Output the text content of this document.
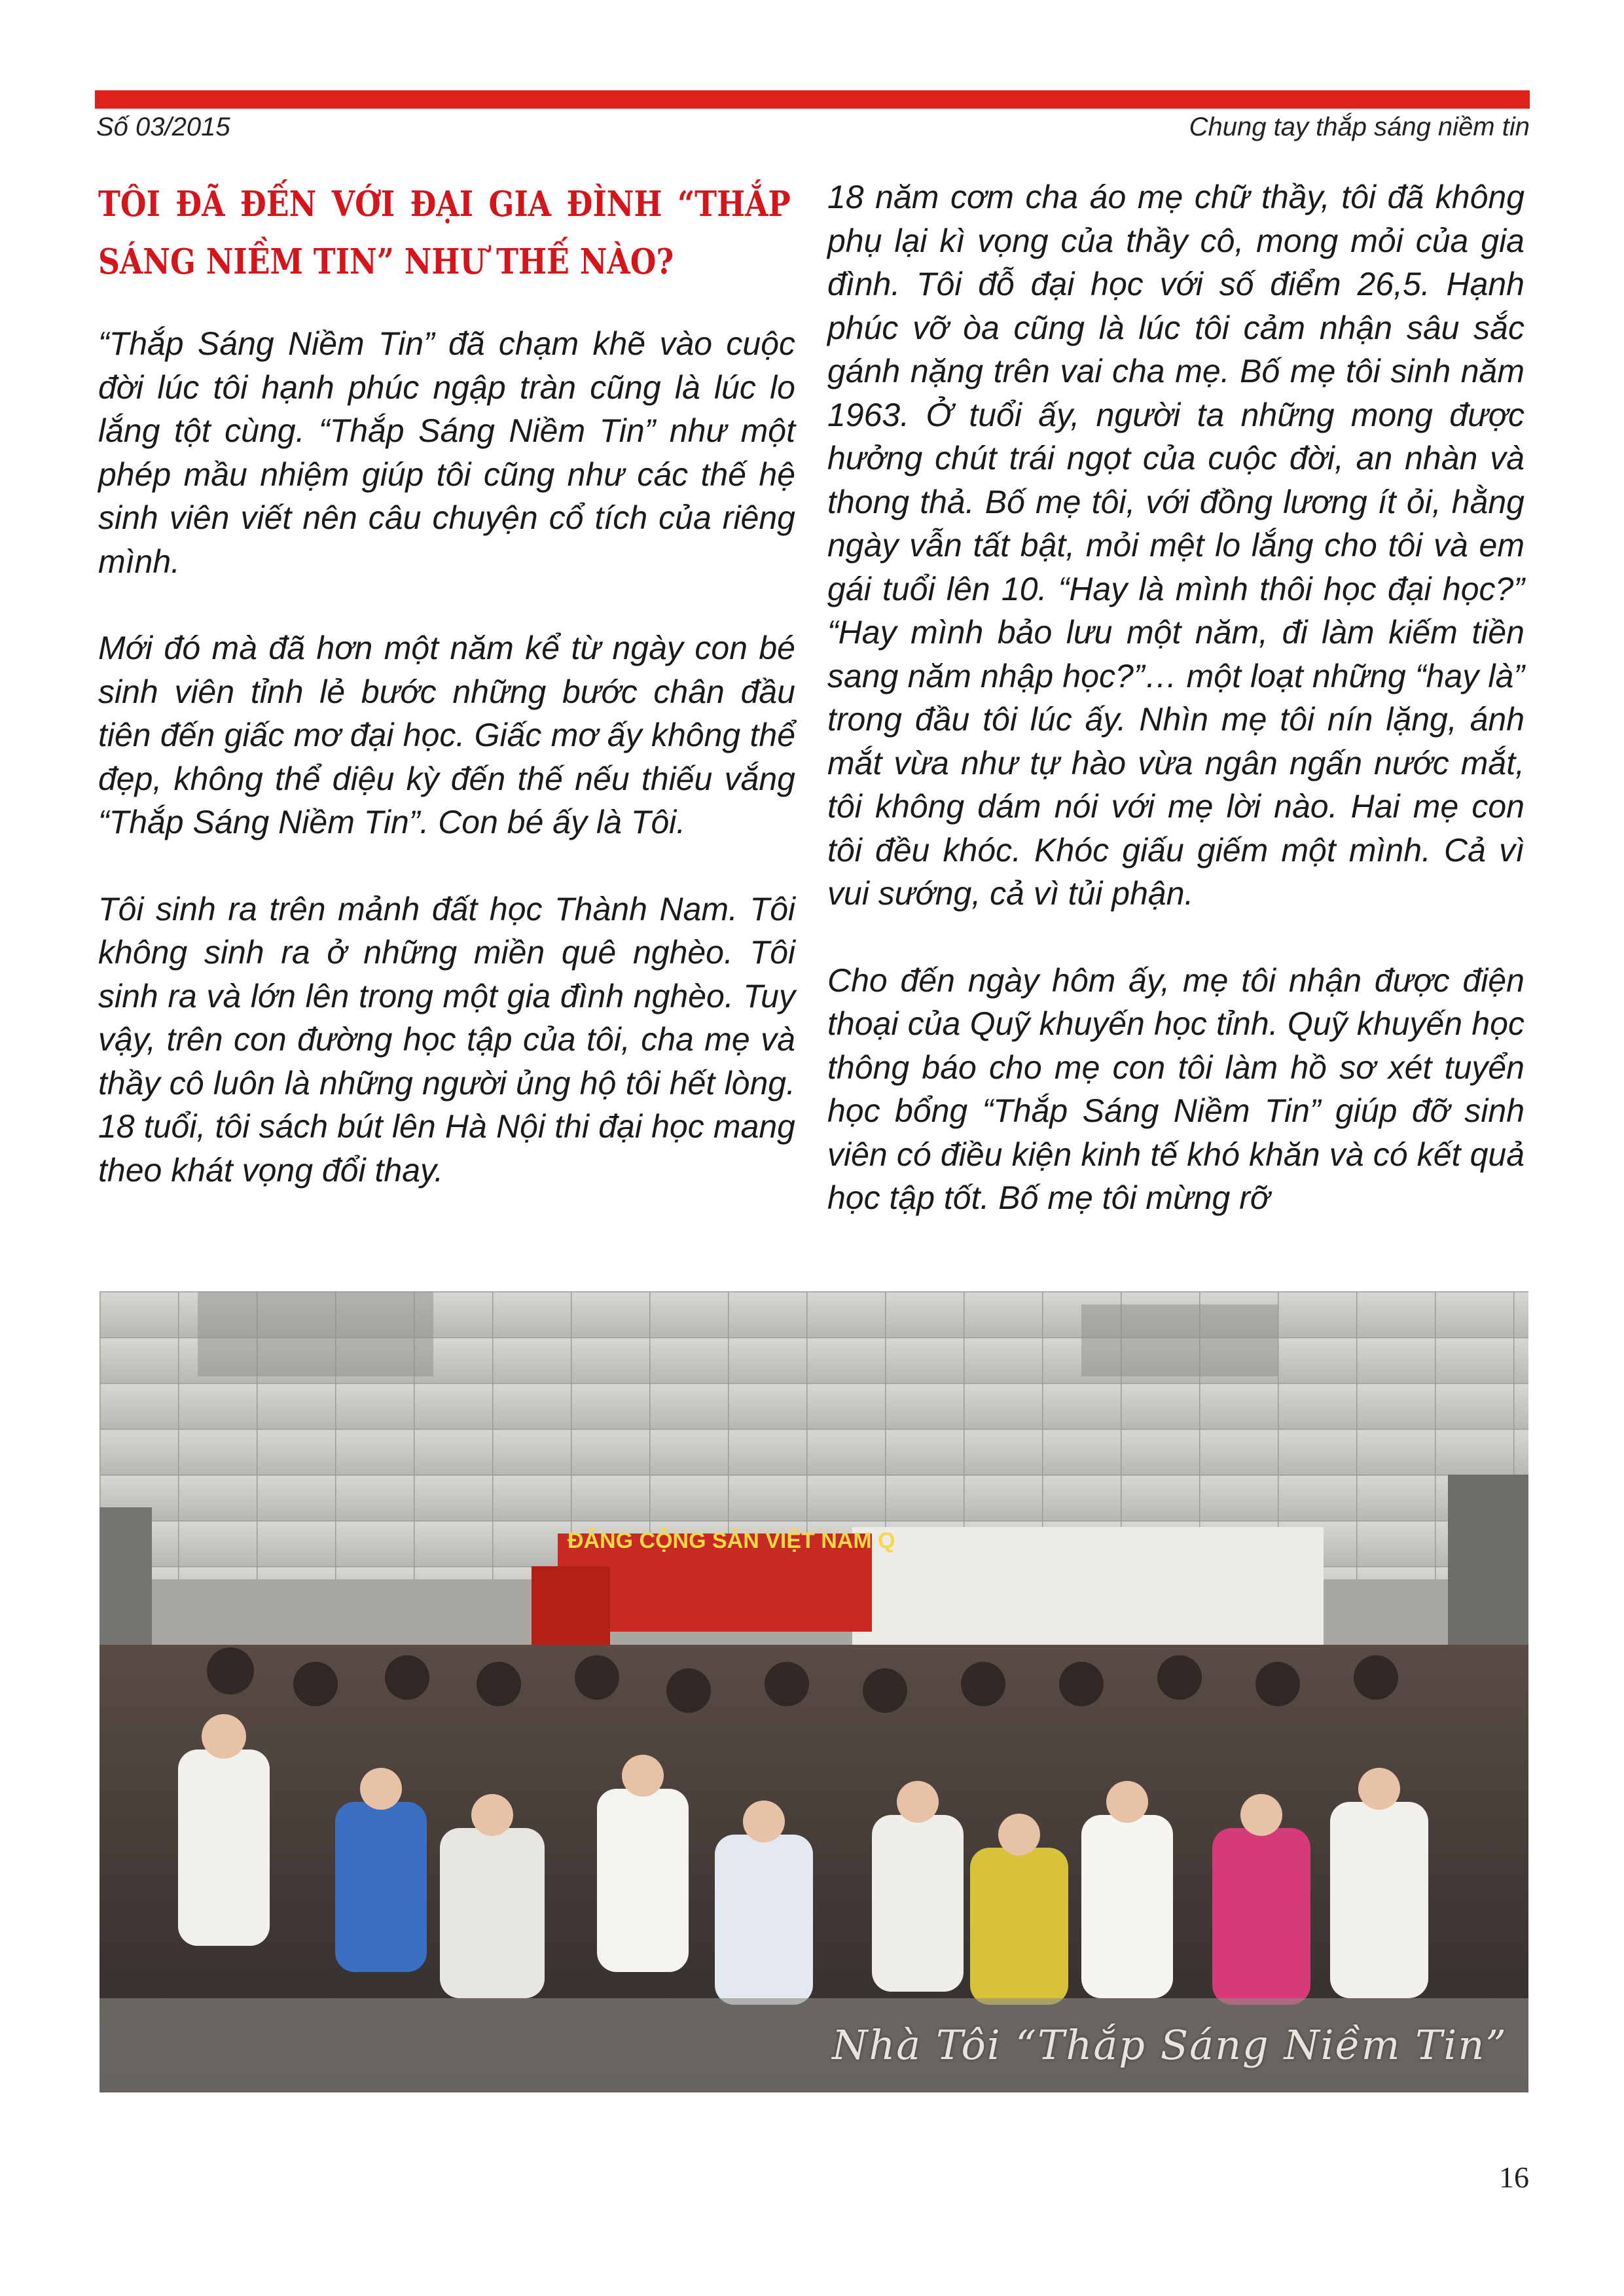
Số 03/2015	Chung tay thắp sáng niềm tin
TÔI ĐÃ ĐẾN VỚI ĐẠI GIA ĐÌNH “THẮP SÁNG NIỀM TIN” NHƯ THẾ NÀO?

“Thắp Sáng Niềm Tin” đã chạm khẽ vào cuộc đời lúc tôi hạnh phúc ngập tràn cũng là lúc lo lắng tột cùng. “Thắp Sáng Niềm Tin” như một phép mầu nhiệm giúp tôi cũng như các thế hệ sinh viên viết nên câu chuyện cổ tích của riêng mình.

Mới đó mà đã hơn một năm kể từ ngày con bé sinh viên tỉnh lẻ bước những bước chân đầu tiên đến giấc mơ đại học. Giấc mơ ấy không thể đẹp, không thể diệu kỳ đến thế nếu thiếu vắng “Thắp Sáng Niềm Tin”. Con bé ấy là Tôi.

Tôi sinh ra trên mảnh đất học Thành Nam. Tôi không sinh ra ở những miền quê nghèo. Tôi sinh ra và lớn lên trong một gia đình nghèo. Tuy vậy, trên con đường học tập của tôi, cha mẹ và thầy cô luôn là những người ủng hộ tôi hết lòng. 18 tuổi, tôi sách bút lên Hà Nội thi đại học mang theo khát vọng đổi thay.

18 năm cơm cha áo mẹ chữ thầy, tôi đã không phụ lại kì vọng của thầy cô, mong mỏi của gia đình. Tôi đỗ đại học với số điểm 26,5. Hạnh phúc vỡ òa cũng là lúc tôi cảm nhận sâu sắc gánh nặng trên vai cha mẹ. Bố mẹ tôi sinh năm 1963. Ở tuổi ấy, người ta những mong được hưởng chút trái ngọt của cuộc đời, an nhàn và thong thả. Bố mẹ tôi, với đồng lương ít ỏi, hằng ngày vẫn tất bật, mỏi mệt lo lắng cho tôi và em gái tuổi lên 10. “Hay là mình thôi học đại học?” “Hay mình bảo lưu một năm, đi làm kiếm tiền sang năm nhập học?”… một loạt những “hay là” trong đầu tôi lúc ấy. Nhìn mẹ tôi nín lặng, ánh mắt vừa như tự hào vừa ngân ngấn nước mắt, tôi không dám nói với mẹ lời nào. Hai mẹ con tôi đều khóc. Khóc giấu giếm một mình. Cả vì vui sướng, cả vì tủi phận.

Cho đến ngày hôm ấy, mẹ tôi nhận được điện thoại của Quỹ khuyến học tỉnh. Quỹ khuyến học thông báo cho mẹ con tôi làm hồ sơ xét tuyển học bổng “Thắp Sáng Niềm Tin” giúp đỡ sinh viên có điều kiện kinh tế khó khăn và có kết quả học tập tốt. Bố mẹ tôi mừng rỡ

ĐẢNG CỘNG SẢN VIỆT NAM Q
Nhà Tôi “Thắp Sáng Niềm Tin”
16
